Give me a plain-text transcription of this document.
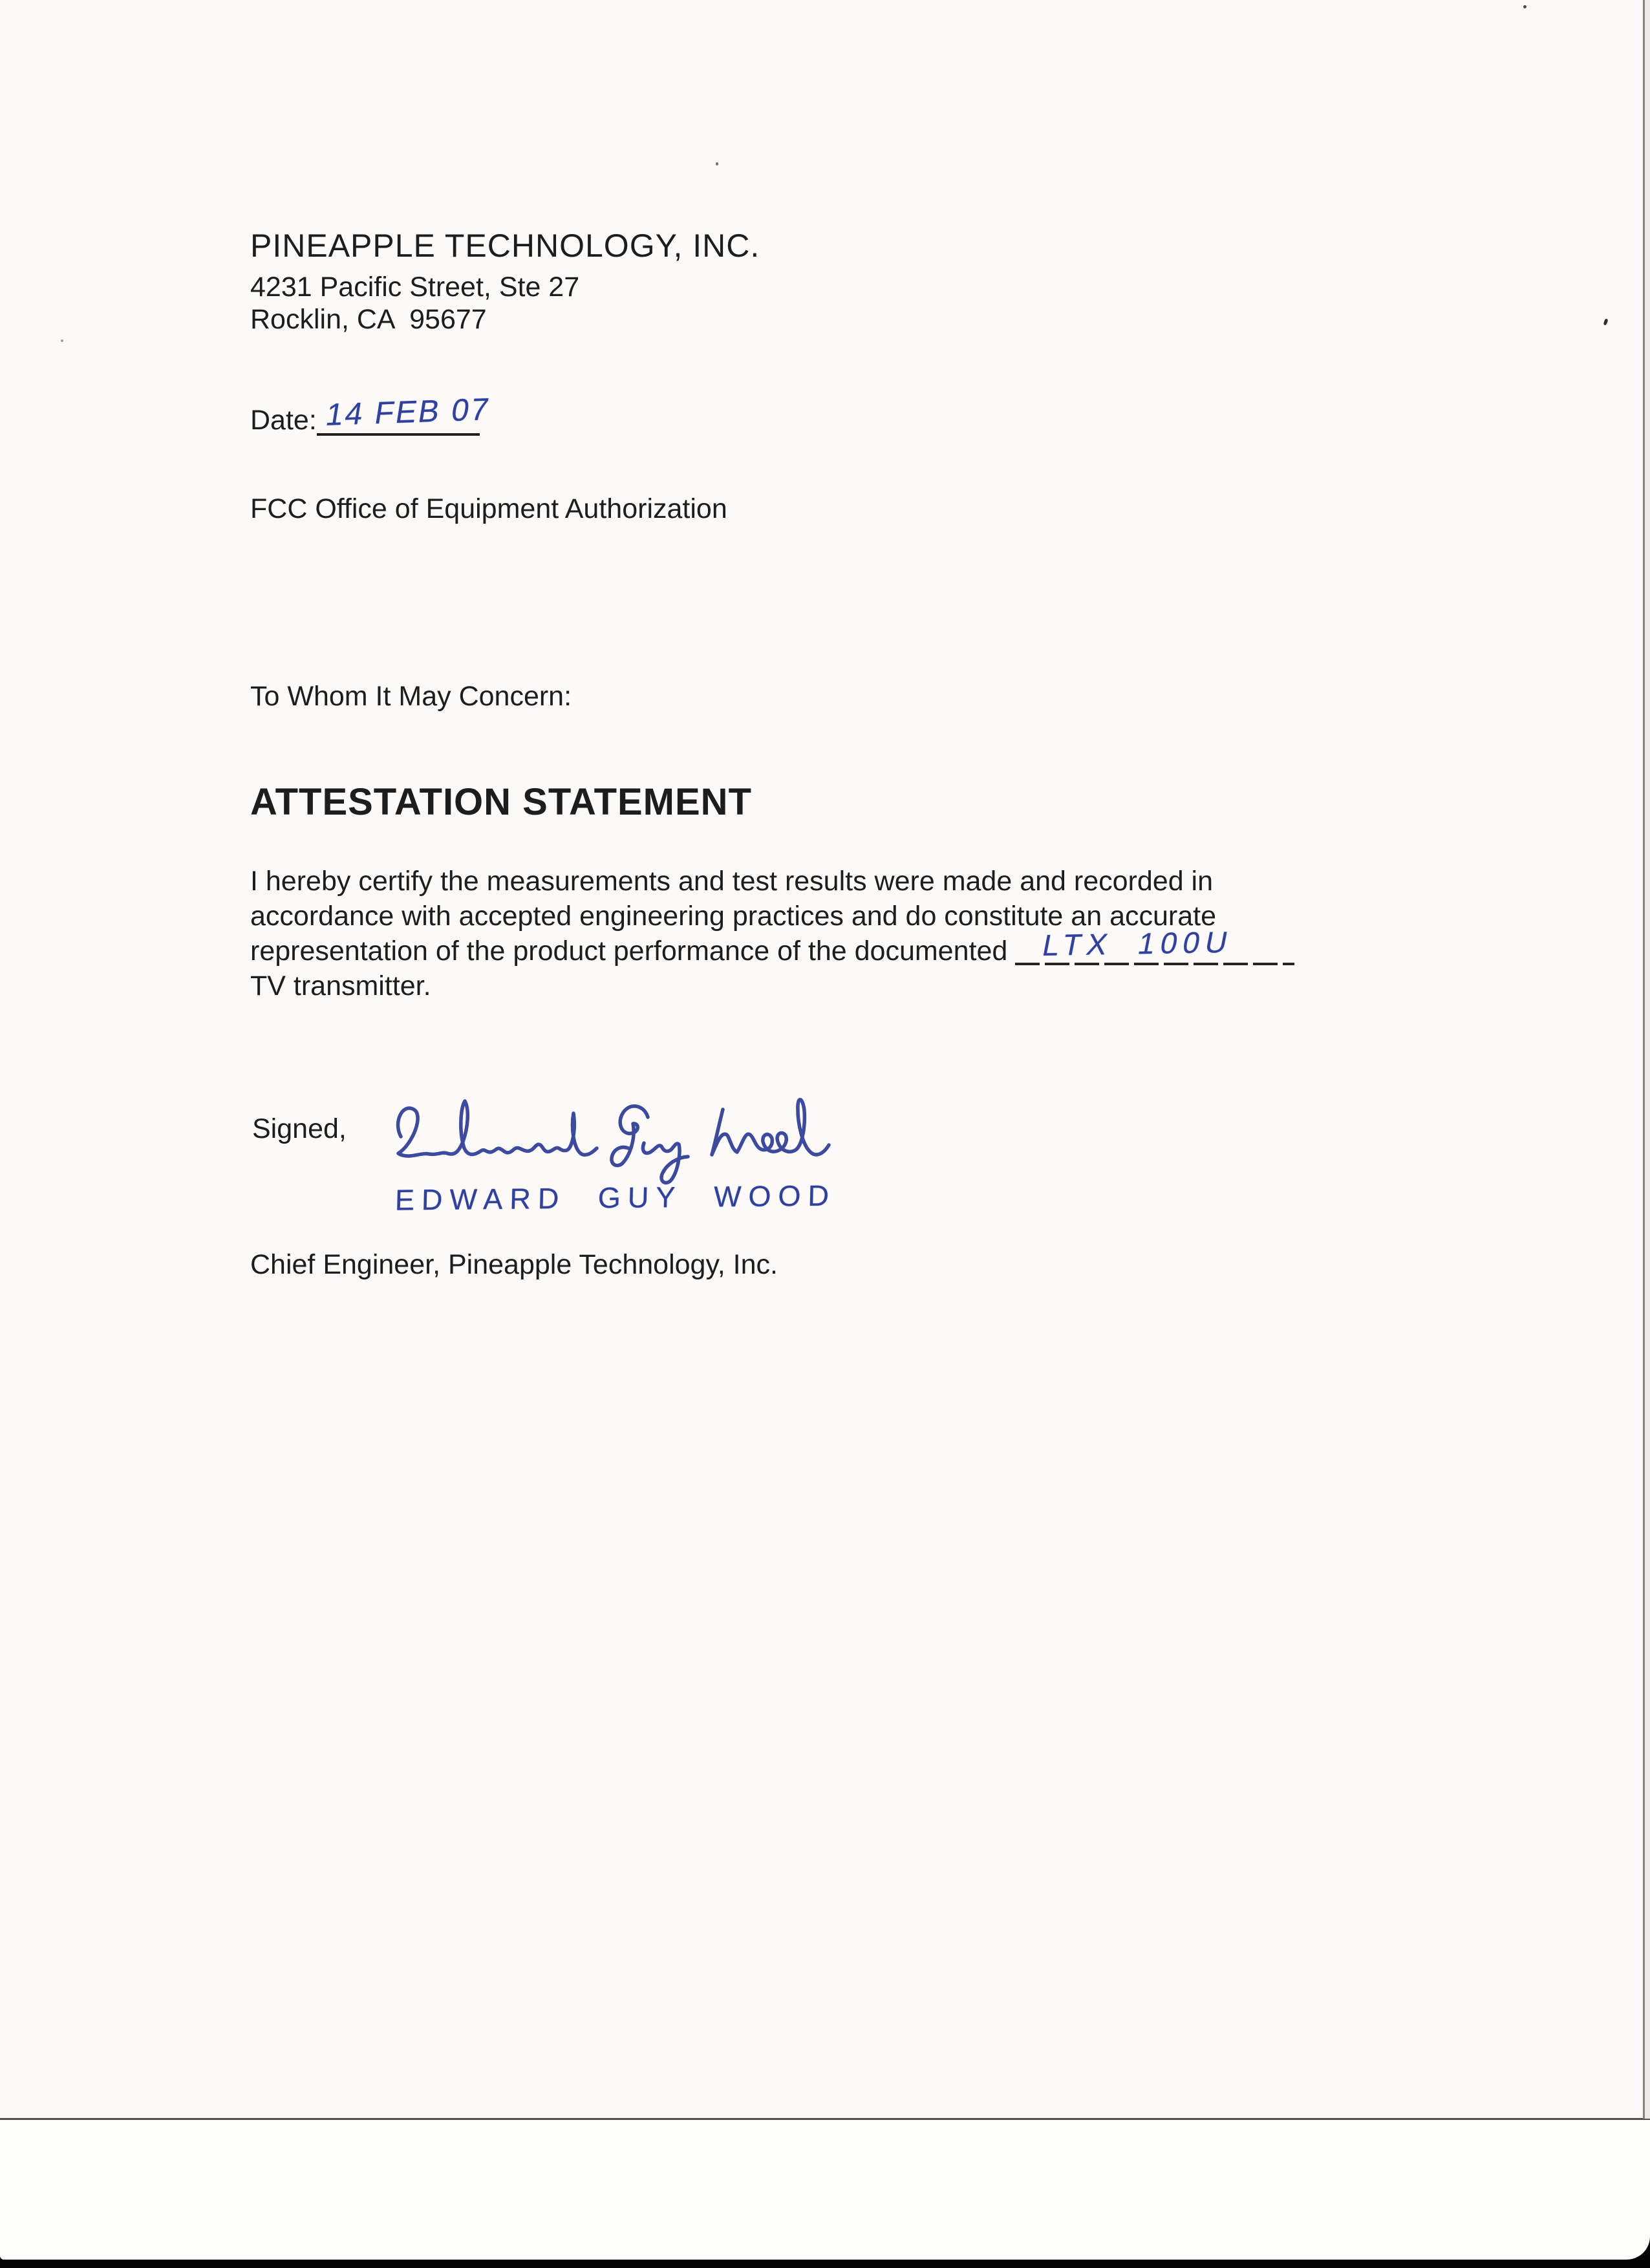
PINEAPPLE TECHNOLOGY, INC.
4231 Pacific Street, Ste 27
Rocklin, CA  95677
Date: 14 FEB 07
FCC Office of Equipment Authorization
To Whom It May Concern:
ATTESTATION STATEMENT
I hereby certify the measurements and test results were made and recorded in
accordance with accepted engineering practices and do constitute an accurate
representation of the product performance of the documented LTX 100U
TV transmitter.
Signed,
EDWARD GUY WOOD
Chief Engineer, Pineapple Technology, Inc.
